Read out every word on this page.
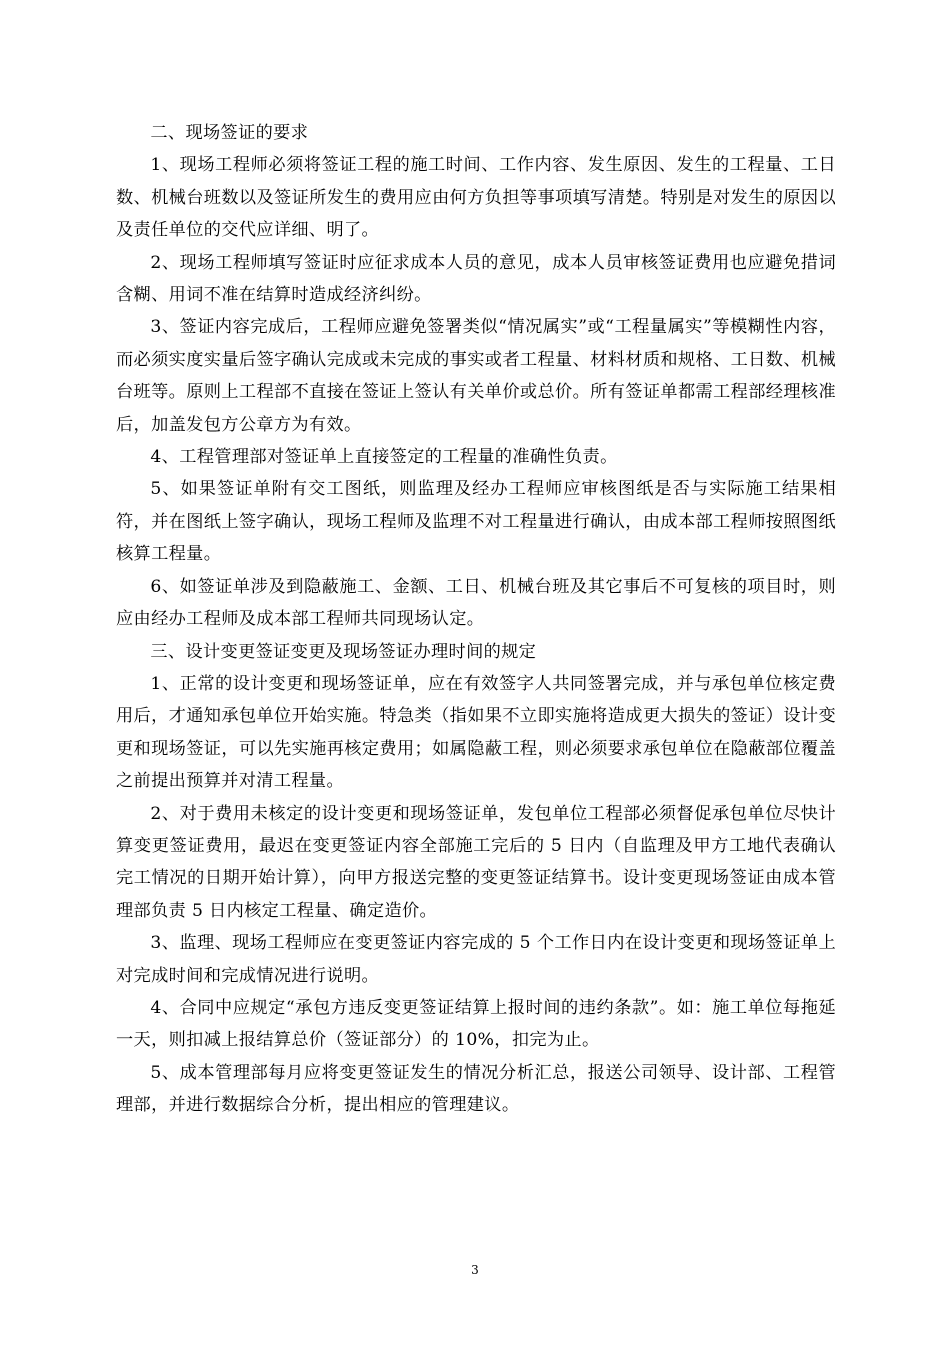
二、现场签证的要求

1、现场工程师必须将签证工程的施工时间、工作内容、发生原因、发生的工程量、工日数、机械台班数以及签证所发生的费用应由何方负担等事项填写清楚。特别是对发生的原因以及责任单位的交代应详细、明了。

2、现场工程师填写签证时应征求成本人员的意见，成本人员审核签证费用也应避免措词含糊、用词不准在结算时造成经济纠纷。

3、签证内容完成后，工程师应避免签署类似“情况属实”或“工程量属实”等模糊性内容，而必须实度实量后签字确认完成或未完成的事实或者工程量、材料材质和规格、工日数、机械台班等。原则上工程部不直接在签证上签认有关单价或总价。所有签证单都需工程部经理核准后，加盖发包方公章方为有效。

4、工程管理部对签证单上直接签定的工程量的准确性负责。

5、如果签证单附有交工图纸，则监理及经办工程师应审核图纸是否与实际施工结果相符，并在图纸上签字确认，现场工程师及监理不对工程量进行确认，由成本部工程师按照图纸核算工程量。

6、如签证单涉及到隐蔽施工、金额、工日、机械台班及其它事后不可复核的项目时，则应由经办工程师及成本部工程师共同现场认定。

三、设计变更签证变更及现场签证办理时间的规定

1、正常的设计变更和现场签证单，应在有效签字人共同签署完成，并与承包单位核定费用后，才通知承包单位开始实施。特急类（指如果不立即实施将造成更大损失的签证）设计变更和现场签证，可以先实施再核定费用；如属隐蔽工程，则必须要求承包单位在隐蔽部位覆盖之前提出预算并对清工程量。

2、对于费用未核定的设计变更和现场签证单，发包单位工程部必须督促承包单位尽快计算变更签证费用，最迟在变更签证内容全部施工完后的 5 日内（自监理及甲方工地代表确认完工情况的日期开始计算），向甲方报送完整的变更签证结算书。设计变更现场签证由成本管理部负责 5 日内核定工程量、确定造价。

3、监理、现场工程师应在变更签证内容完成的 5 个工作日内在设计变更和现场签证单上对完成时间和完成情况进行说明。

4、合同中应规定“承包方违反变更签证结算上报时间的违约条款”。如：施工单位每拖延一天，则扣减上报结算总价（签证部分）的 10%，扣完为止。

5、成本管理部每月应将变更签证发生的情况分析汇总，报送公司领导、设计部、工程管理部，并进行数据综合分析，提出相应的管理建议。

3
